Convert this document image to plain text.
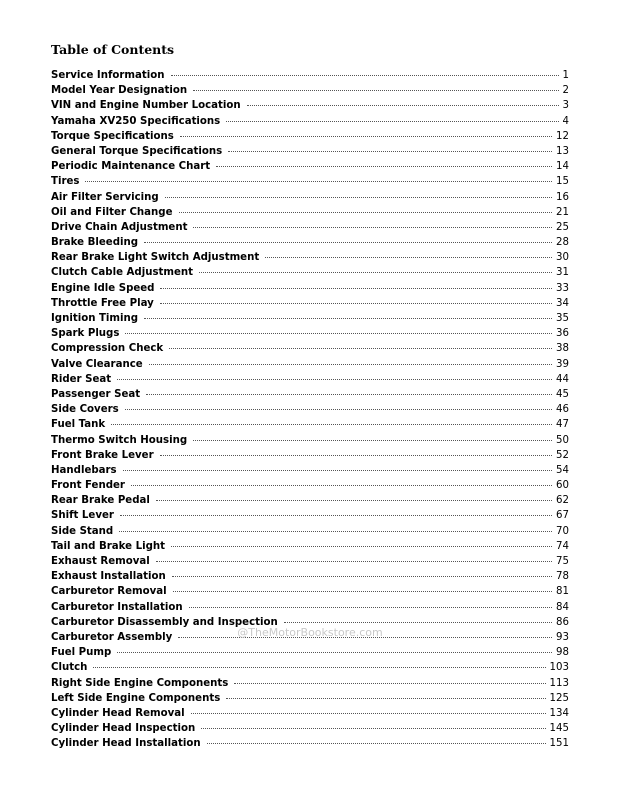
Table of Contents
Service Information	1
Model Year Designation	2
VIN and Engine Number Location	3
Yamaha XV250 Specifications	4
Torque Specifications	12
General Torque Specifications	13
Periodic Maintenance Chart	14
Tires	15
Air Filter Servicing	16
Oil and Filter Change	21
Drive Chain Adjustment	25
Brake Bleeding	28
Rear Brake Light Switch Adjustment	30
Clutch Cable Adjustment	31
Engine Idle Speed	33
Throttle Free Play	34
Ignition Timing	35
Spark Plugs	36
Compression Check	38
Valve Clearance	39
Rider Seat	44
Passenger Seat	45
Side Covers	46
Fuel Tank	47
Thermo Switch Housing	50
Front Brake Lever	52
Handlebars	54
Front Fender	60
Rear Brake Pedal	62
Shift Lever	67
Side Stand	70
Tail and Brake Light	74
Exhaust Removal	75
Exhaust Installation	78
Carburetor Removal	81
Carburetor Installation	84
Carburetor Disassembly and Inspection	86
Carburetor Assembly	93
Fuel Pump	98
Clutch	103
Right Side Engine Components	113
Left Side Engine Components	125
Cylinder Head Removal	134
Cylinder Head Inspection	145
Cylinder Head Installation	151
@TheMotorBookstore.com
